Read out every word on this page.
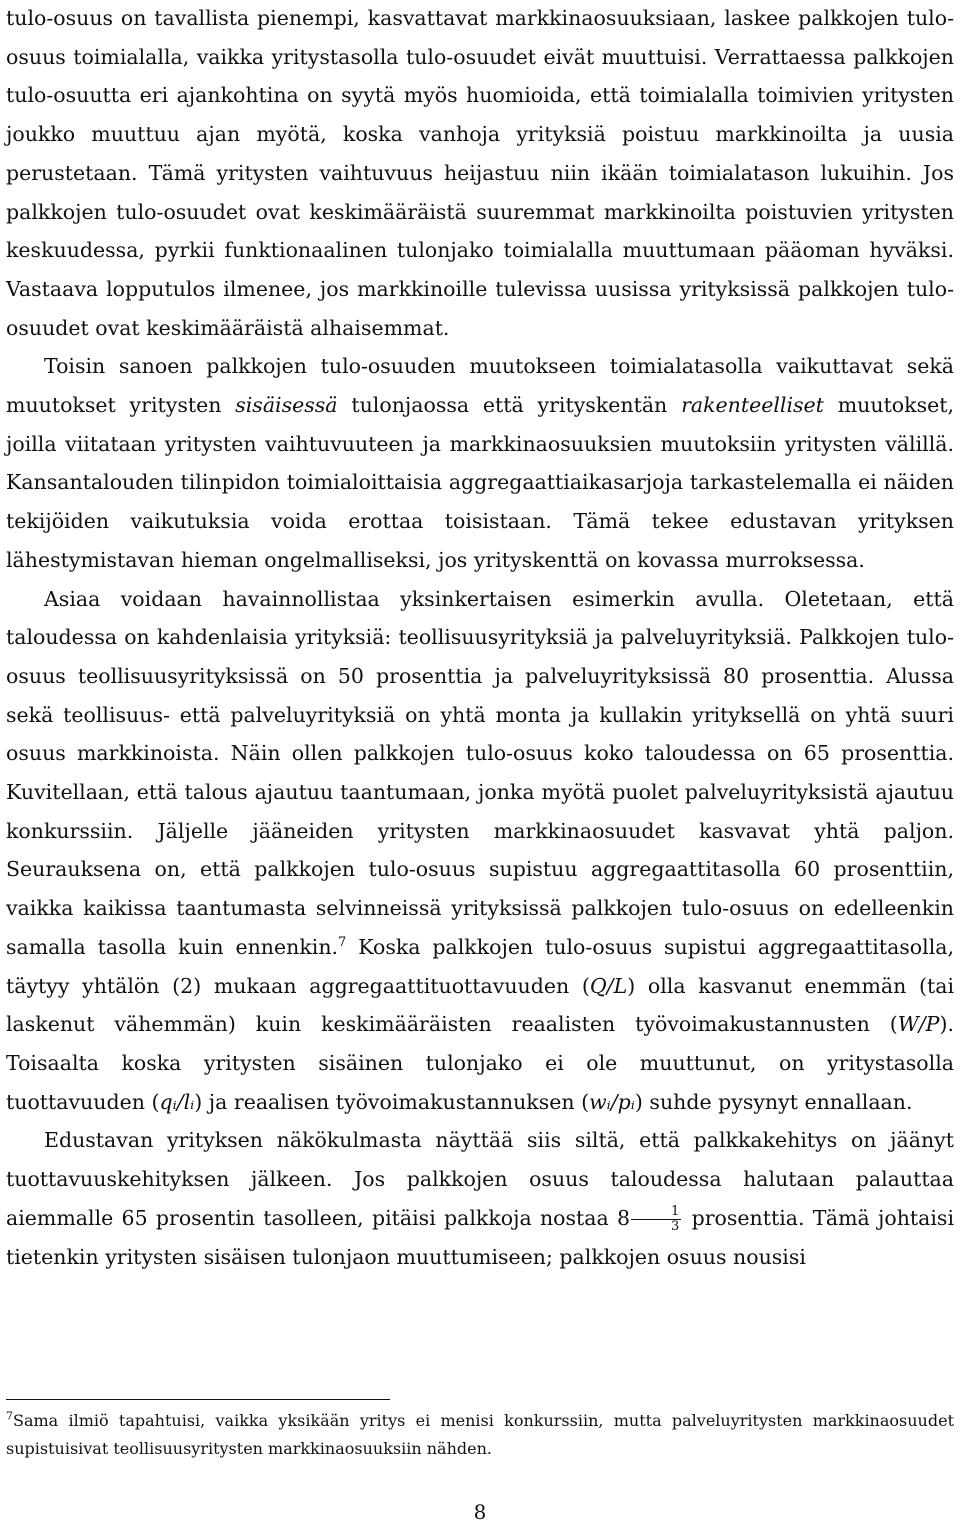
tulo-osuus on tavallista pienempi, kasvattavat markkinaosuuksiaan, laskee palkkojen tulo-osuus toimialalla, vaikka yritystasolla tulo-osuudet eivät muuttuisi. Verrattaessa palkkojen tulo-osuutta eri ajankohtina on syytä myös huomioida, että toimialalla toimivien yritysten joukko muuttuu ajan myötä, koska vanhoja yrityksiä poistuu markkinoilta ja uusia perustetaan. Tämä yritysten vaihtuvuus heijastuu niin ikään toimialatason lukuihin. Jos palkkojen tulo-osuudet ovat keskimääräistä suuremmat markkinoilta poistuvien yritysten keskuudessa, pyrkii funktionaalinen tulonjako toimialalla muuttumaan pääoman hyväksi. Vastaava lopputulos ilmenee, jos markkinoille tulevissa uusissa yrityksissä palkkojen tulo-osuudet ovat keskimääräistä alhaisemmat.

Toisin sanoen palkkojen tulo-osuuden muutokseen toimialatasolla vaikuttavat sekä muutokset yritysten sisäisessä tulonjaossa että yrityskentän rakenteelliset muutokset, joilla viitataan yritysten vaihtuvuuteen ja markkinaosuuksien muutoksiin yritysten välillä. Kansantalouden tilinpidon toimialoittaisia aggregaattiaikasarjoja tarkastelemalla ei näiden tekijöiden vaikutuksia voida erottaa toisistaan. Tämä tekee edustavan yrityksen lähestymistavan hieman ongelmalliseksi, jos yrityskenttä on kovassa murroksessa.

Asiaa voidaan havainnollistaa yksinkertaisen esimerkin avulla. Oletetaan, että taloudessa on kahdenlaisia yrityksiä: teollisuusyrityksiä ja palveluyrityksiä. Palkkojen tulo-osuus teollisuusyrityksissä on 50 prosenttia ja palveluyrityksissä 80 prosenttia. Alussa sekä teollisuus- että palveluyrityksiä on yhtä monta ja kullakin yrityksellä on yhtä suuri osuus markkinoista. Näin ollen palkkojen tulo-osuus koko taloudessa on 65 prosenttia. Kuvitellaan, että talous ajautuu taantumaan, jonka myötä puolet palveluyrityksistä ajautuu konkurssiin. Jäljelle jääneiden yritysten markkinaosuudet kasvavat yhtä paljon. Seurauksena on, että palkkojen tulo-osuus supistuu aggregaattitasolla 60 prosenttiin, vaikka kaikissa taantumasta selvinneissä yrityksissä palkkojen tulo-osuus on edelleenkin samalla tasolla kuin ennenkin.$^7$ Koska palkkojen tulo-osuus supistui aggregaattitasolla, täytyy yhtälön (2) mukaan aggregaattituottavuuden (Q/L) olla kasvanut enemmän (tai laskenut vähemmän) kuin keskimääräisten reaalisten työvoimakustannusten (W/P). Toisaalta koska yritysten sisäinen tulonjako ei ole muuttunut, on yritystasolla tuottavuuden (qᵢ/lᵢ) ja reaalisen työvoimakustannuksen (wᵢ/pᵢ) suhde pysynyt ennallaan.

Edustavan yrityksen näkökulmasta näyttää siis siltä, että palkkakehitys on jäänyt tuottavuuskehityksen jälkeen. Jos palkkojen osuus taloudessa halutaan palauttaa aiemmalle 65 prosentin tasolleen, pitäisi palkkoja nostaa $8 \frac{1}{3}$ prosenttia. Tämä johtaisi tietenkin yritysten sisäisen tulonjaon muuttumiseen; palkkojen osuus nousisi

$^7$Sama ilmiö tapahtuisi, vaikka yksikään yritys ei menisi konkurssiin, mutta palveluyritysten markkinaosuudet supistuisivat teollisuusyritysten markkinaosuuksiin nähden.

8
